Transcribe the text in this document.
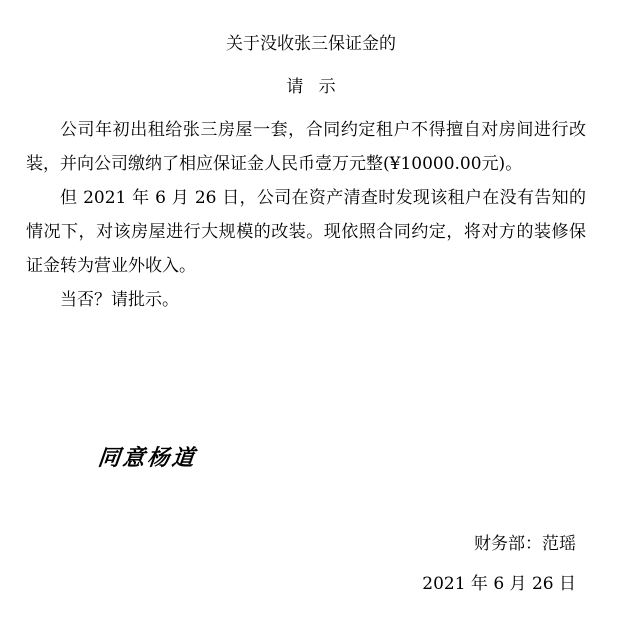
关于没收张三保证金的
请示

公司年初出租给张三房屋一套，合同约定租户不得擅自对房间进行改装，并向公司缴纳了相应保证金人民币壹万元整(¥10000.00元)。

但 2021 年 6 月 26 日，公司在资产清查时发现该租户在没有告知的情况下，对该房屋进行大规模的改装。现依照合同约定，将对方的装修保证金转为营业外收入。

当否？请批示。

同意杨道
财务部：范瑶
2021 年 6 月 26 日
